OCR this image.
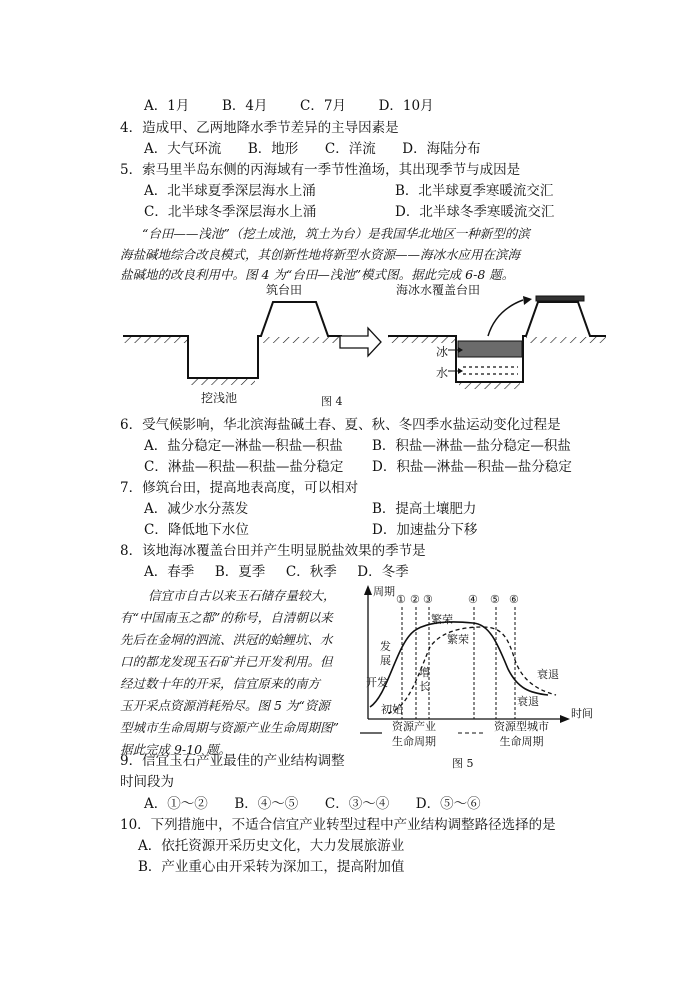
A．1月 B．4月 C．7月 D．10月
4．造成甲、乙两地降水季节差异的主导因素是
A．大气环流 B．地形 C．洋流 D．海陆分布
5．索马里半岛东侧的丙海域有一季节性渔场，其出现季节与成因是
A．北半球夏季深层海水上涌	B．北半球夏季寒暖流交汇
C．北半球冬季深层海水上涌	D．北半球冬季寒暖流交汇
“台田——浅池”（挖土成池，筑土为台）是我国华北地区一种新型的滨
海盐碱地综合改良模式，其创新性地将新型水资源——海冰水应用在滨海
盐碱地的改良利用中。图 4 为“台田—浅池”模式图。据此完成 6-8 题。
筑台田	海冰水覆盖台田
挖浅池
冰
水
图 4
6．受气候影响，华北滨海盐碱土春、夏、秋、冬四季水盐运动变化过程是
A．盐分稳定—淋盐—积盐—积盐 B．积盐—淋盐—盐分稳定—积盐
C．淋盐—积盐—积盐—盐分稳定 D．积盐—淋盐—积盐—盐分稳定
7．修筑台田，提高地表高度，可以相对
A．减少水分蒸发	B．提高土壤肥力
C．降低地下水位	D．加速盐分下移
8．该地海冰覆盖台田并产生明显脱盐效果的季节是
A．春季 B．夏季 C．秋季 D．冬季
信宜市自古以来玉石储存量较大，
有“中国南玉之都”的称号，自清朝以来
先后在金垌的泗流、洪冠的蛤鲤坑、水
口的都龙发现玉石矿并已开发利用。但
经过数十年的开采，信宜原来的南方
玉开采点资源消耗殆尽。图 5 为“资源
型城市生命周期与资源产业生命周期图”
据此完成 9-10 题。
周期
时间
① ② ③	④ ⑤ ⑥
开发
发展
初始
增长
繁荣
繁荣
衰退
衰退
资源产业
生命周期
资源型城市
生命周期
图 5
9．信宜玉石产业最佳的产业结构调整
时间段为
A．①～② B．④～⑤ C．③～④ D．⑤～⑥
10．下列措施中，不适合信宜产业转型过程中产业结构调整路径选择的是
A．依托资源开采历史文化，大力发展旅游业
B．产业重心由开采转为深加工，提高附加值
